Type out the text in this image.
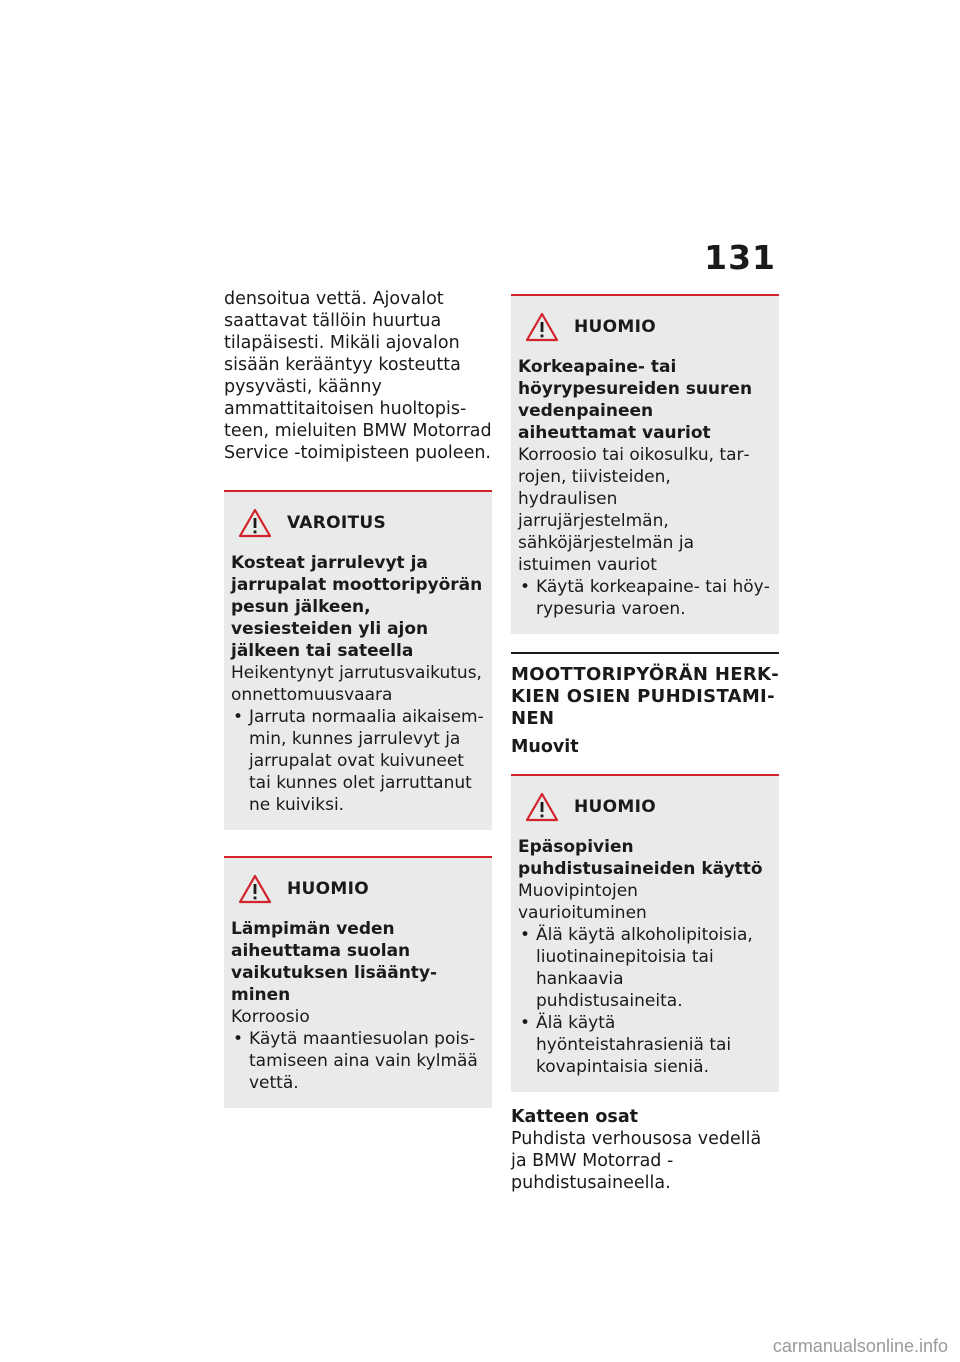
131

densoitua vettä. Ajovalot saattavat tällöin huurtua tilapäisesti. Mikäli ajovalon sisään kerääntyy kosteutta pysyvästi, käänny ammattitaitoisen huoltopisteen, mieluiten BMW Motorrad Service -toimipisteen puoleen.

VAROITUS
Kosteat jarrulevyt ja jarrupalat moottoripyörän pesun jälkeen, vesiesteiden yli ajon jälkeen tai sateella
Heikentynyt jarrutusvaikutus, onnettomuusvaara
• Jarruta normaalia aikaisemmin, kunnes jarrulevyt ja jarrupalat ovat kuivuneet tai kunnes olet jarruttanut ne kuiviksi.
HUOMIO
Lämpimän veden aiheuttama suolan vaikutuksen lisääntyminen
Korroosio
• Käytä maantiesuolan poistamiseen aina vain kylmää vettä.
HUOMIO
Korkeapaine- tai höyrypesureiden suuren vedenpaineen aiheuttamat vauriot
Korroosio tai oikosulku, tarrojen, tiivisteiden, hydraulisen jarrujärjestelmän, sähköjärjestelmän ja istuimen vauriot
• Käytä korkeapaine- tai höyrypesuria varoen.
MOOTTORIPYÖRÄN HERKKIEN OSIEN PUHDISTAMINEN
Muovit
HUOMIO
Epäsopivien puhdistusaineiden käyttö
Muovipintojen vaurioituminen
• Älä käytä alkoholipitoisia, liuotinainepitoisia tai hankaavia puhdistusaineita.
• Älä käytä hyönteistahrasieniä tai kovapintaisia sieniä.
Katteen osat

Puhdista verhousosa vedellä ja BMW Motorrad -puhdistusaineella.

carmanualsonline.info
